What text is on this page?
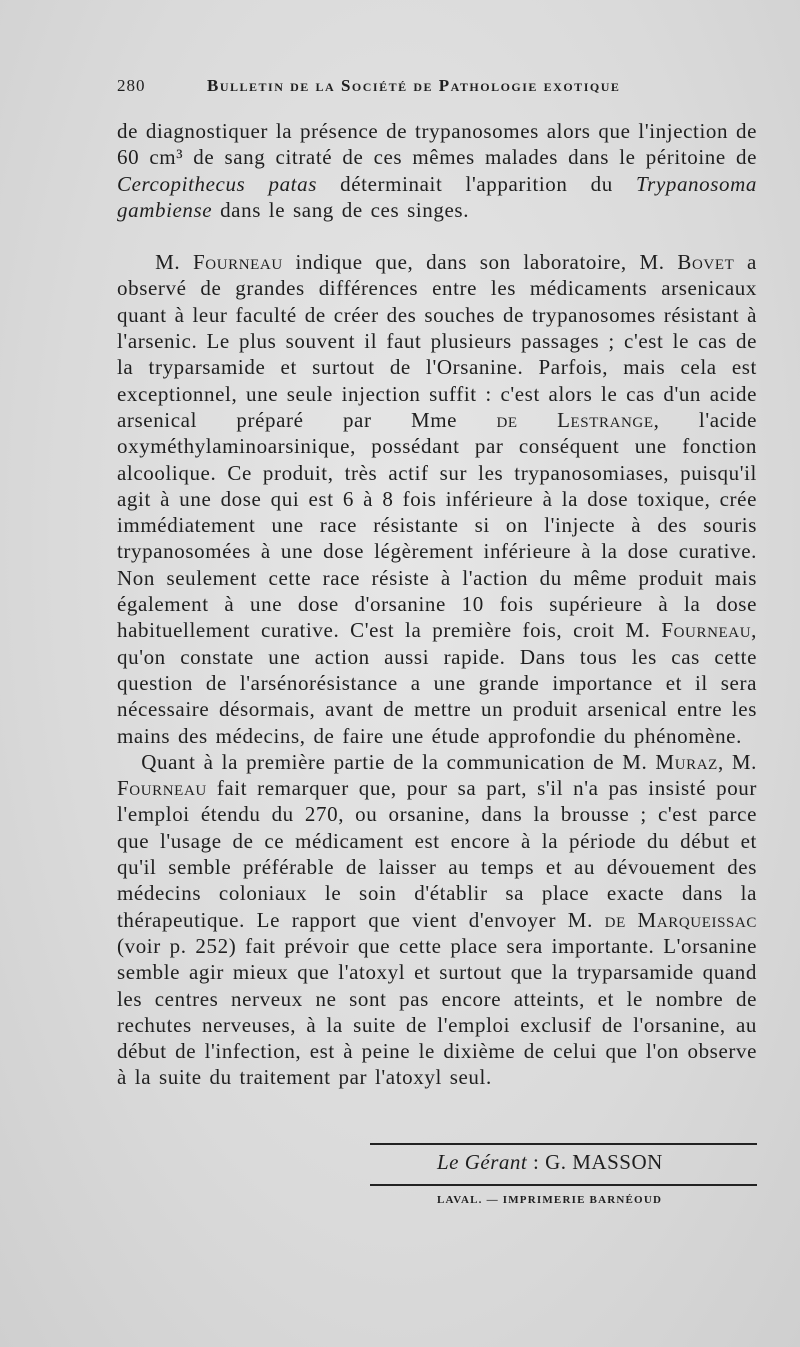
280	Bulletin de la Société de Pathologie exotique

de diagnostiquer la présence de trypanosomes alors que l'injection de 60 cm³ de sang citraté de ces mêmes malades dans le péritoine de Cercopithecus patas déterminait l'apparition du Trypanosoma gambiense dans le sang de ces singes.

M. Fourneau indique que, dans son laboratoire, M. Bovet a observé de grandes différences entre les médicaments arsenicaux quant à leur faculté de créer des souches de trypanosomes résistant à l'arsenic. Le plus souvent il faut plusieurs passages ; c'est le cas de la tryparsamide et surtout de l'Orsanine. Parfois, mais cela est exceptionnel, une seule injection suffit : c'est alors le cas d'un acide arsenical préparé par Mme de Lestrange, l'acide oxyméthylaminoarsinique, possédant par conséquent une fonction alcoolique. Ce produit, très actif sur les trypanosomiases, puisqu'il agit à une dose qui est 6 à 8 fois inférieure à la dose toxique, crée immédiatement une race résistante si on l'injecte à des souris trypanosomées à une dose légèrement inférieure à la dose curative. Non seulement cette race résiste à l'action du même produit mais également à une dose d'orsanine 10 fois supérieure à la dose habituellement curative. C'est la première fois, croit M. Fourneau, qu'on constate une action aussi rapide. Dans tous les cas cette question de l'arsénorésistance a une grande importance et il sera nécessaire désormais, avant de mettre un produit arsenical entre les mains des médecins, de faire une étude approfondie du phénomène.

Quant à la première partie de la communication de M. Muraz, M. Fourneau fait remarquer que, pour sa part, s'il n'a pas insisté pour l'emploi étendu du 270, ou orsanine, dans la brousse ; c'est parce que l'usage de ce médicament est encore à la période du début et qu'il semble préférable de laisser au temps et au dévouement des médecins coloniaux le soin d'établir sa place exacte dans la thérapeutique. Le rapport que vient d'envoyer M. de Marqueissac (voir p. 252) fait prévoir que cette place sera importante. L'orsanine semble agir mieux que l'atoxyl et surtout que la tryparsamide quand les centres nerveux ne sont pas encore atteints, et le nombre de rechutes nerveuses, à la suite de l'emploi exclusif de l'orsanine, au début de l'infection, est à peine le dixième de celui que l'on observe à la suite du traitement par l'atoxyl seul.

Le Gérant : G. MASSON
LAVAL. — IMPRIMERIE BARNÉOUD
